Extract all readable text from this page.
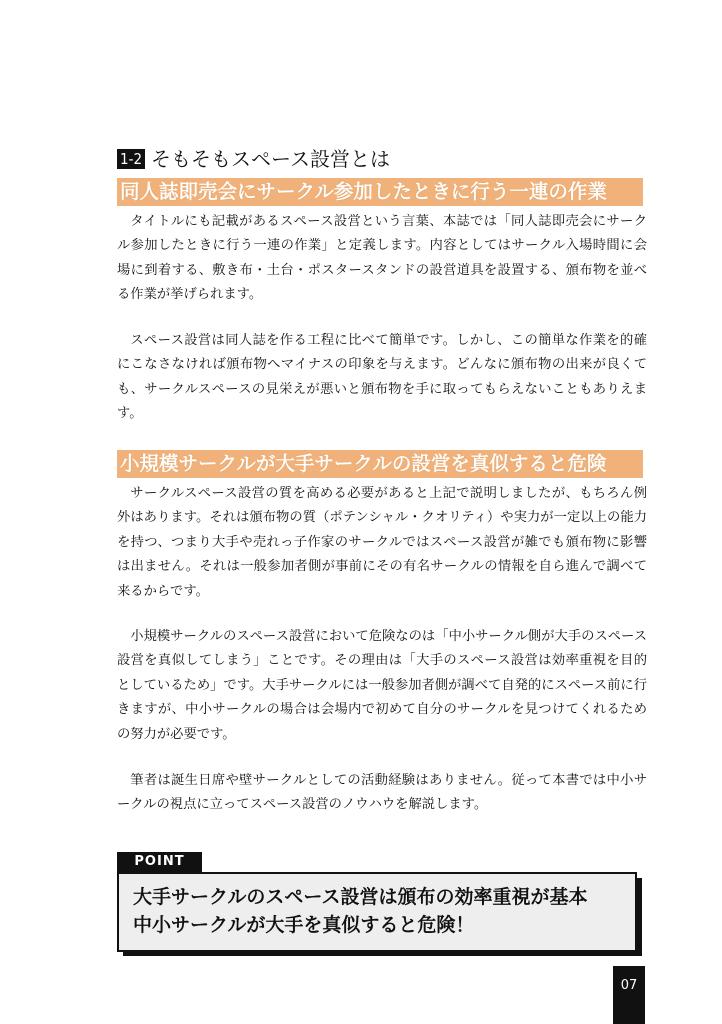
1-2 そもそもスペース設営とは
同人誌即売会にサークル参加したときに行う一連の作業

タイトルにも記載があるスペース設営という言葉、本誌では「同人誌即売会にサークル参加したときに行う一連の作業」と定義します。内容としてはサークル入場時間に会場に到着する、敷き布・土台・ポスタースタンドの設営道具を設置する、頒布物を並べる作業が挙げられます。

スペース設営は同人誌を作る工程に比べて簡単です。しかし、この簡単な作業を的確にこなさなければ頒布物へマイナスの印象を与えます。どんなに頒布物の出来が良くても、サークルスペースの見栄えが悪いと頒布物を手に取ってもらえないこともありえます。

小規模サークルが大手サークルの設営を真似すると危険

サークルスペース設営の質を高める必要があると上記で説明しましたが、もちろん例外はあります。それは頒布物の質（ポテンシャル・クオリティ）や実力が一定以上の能力を持つ、つまり大手や売れっ子作家のサークルではスペース設営が雑でも頒布物に影響は出ません。それは一般参加者側が事前にその有名サークルの情報を自ら進んで調べて来るからです。

小規模サークルのスペース設営において危険なのは「中小サークル側が大手のスペース設営を真似してしまう」ことです。その理由は「大手のスペース設営は効率重視を目的としているため」です。大手サークルには一般参加者側が調べて自発的にスペース前に行きますが、中小サークルの場合は会場内で初めて自分のサークルを見つけてくれるための努力が必要です。

筆者は誕生日席や壁サークルとしての活動経験はありません。従って本書では中小サークルの視点に立ってスペース設営のノウハウを解説します。

POINT
大手サークルのスペース設営は頒布の効率重視が基本
中小サークルが大手を真似すると危険！
07
